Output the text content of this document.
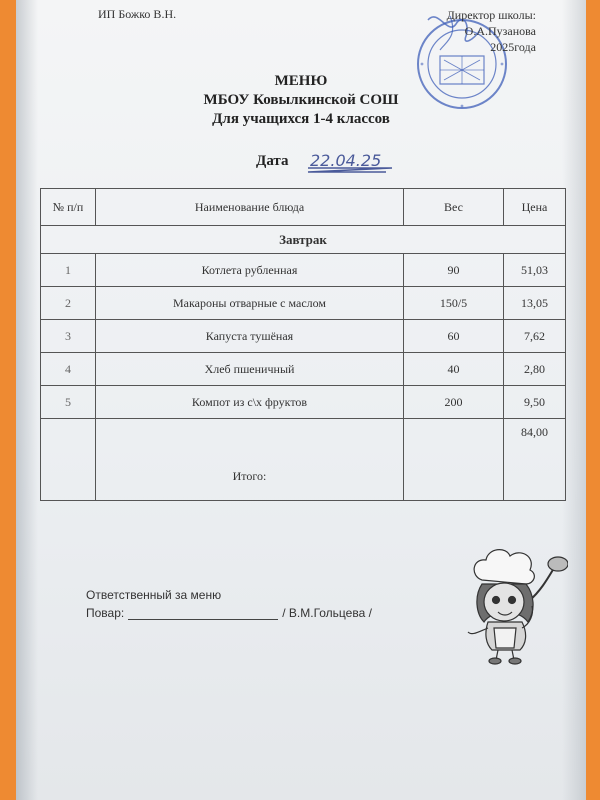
ИП Божко В.Н.	Директор школы:
О.А.Пузанова
2025года
МЕНЮ
МБОУ Ковылкинской СОШ
Для учащихся 1-4 классов
Дата 22.04.25
№ п/п	Наименование блюда	Вес	Цена
Завтрак			
1	Котлета рубленная	90	51,03
2	Макароны отварные с маслом	150/5	13,05
3	Капуста тушёная	60	7,62
4	Хлеб пшеничный	40	2,80
5	Компот из с\х фруктов	200	9,50
	Итого:		84,00
Ответственный за меню
Повар:	/ В.М.Гольцева /
